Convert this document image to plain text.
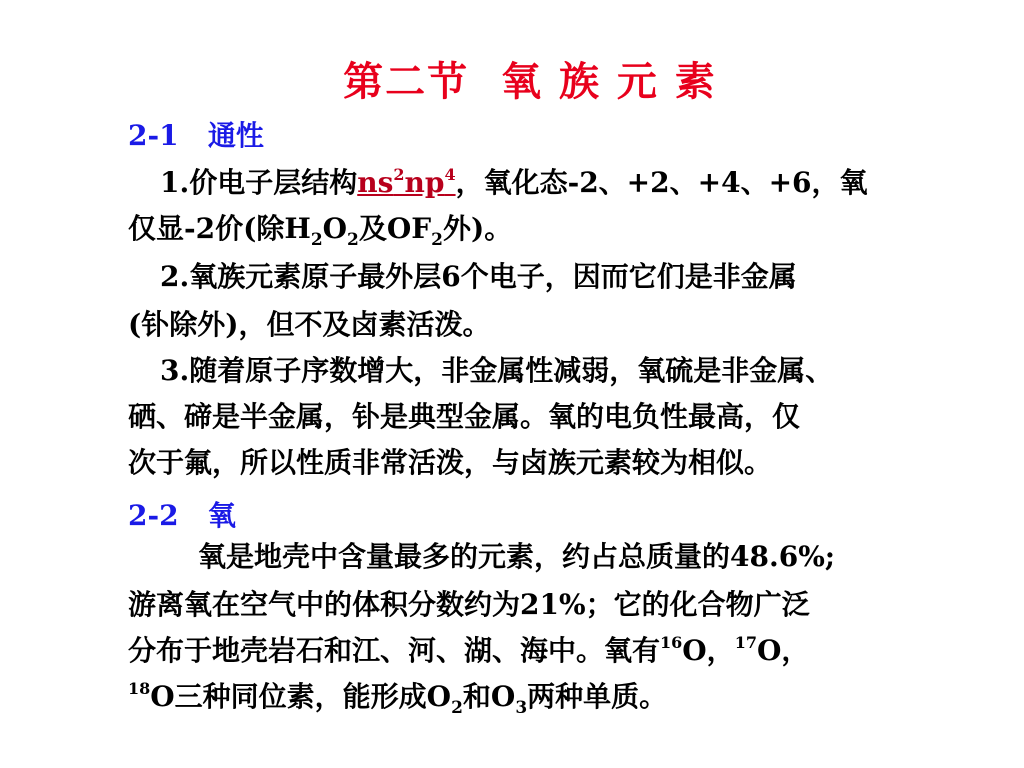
第二节  氧 族 元 素
2-1   通性
1.价电子层结构$ns^2np^4$，氧化态-2、+2、+4、+6，氧
仅显-2价(除$H_2O_2$及$OF_2$外)。
2.氧族元素原子最外层6个电子，因而它们是非金属
(钋除外)，但不及卤素活泼。
3.随着原子序数增大，非金属性减弱，氧硫是非金属、
硒、碲是半金属，钋是典型金属。氧的电负性最高，仅
次于氟，所以性质非常活泼，与卤族元素较为相似。
2-2   氧
氧是地壳中含量最多的元素，约占总质量的48.6%;
游离氧在空气中的体积分数约为21%；它的化合物广泛
分布于地壳岩石和江、河、湖、海中。氧有$^{16}$O，$^{17}$O，
$^{18}$O三种同位素，能形成$O_2$和$O_3$两种单质。
